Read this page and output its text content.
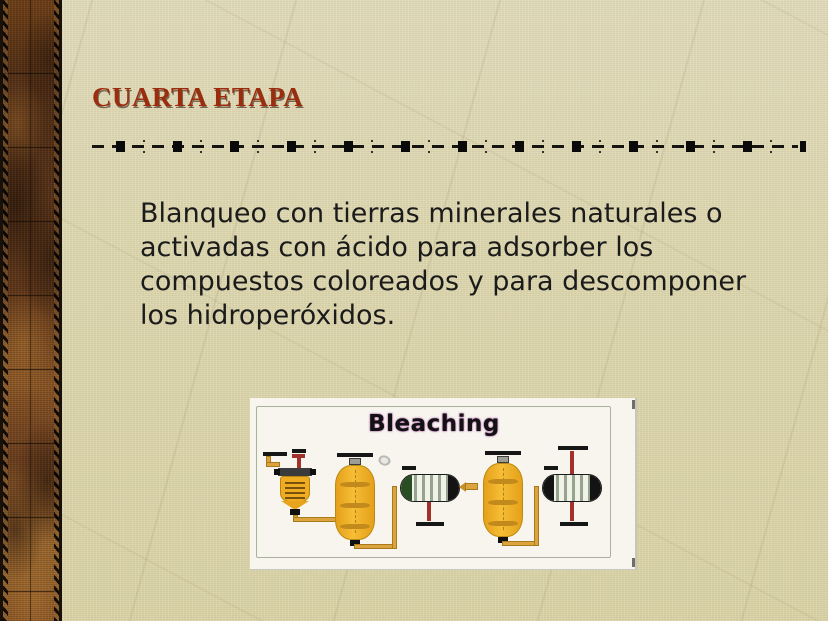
CUARTA ETAPA
Blanqueo con tierras minerales naturales o
activadas con ácido para adsorber los
compuestos coloreados y para descomponer
los hidroperóxidos.
Bleaching
